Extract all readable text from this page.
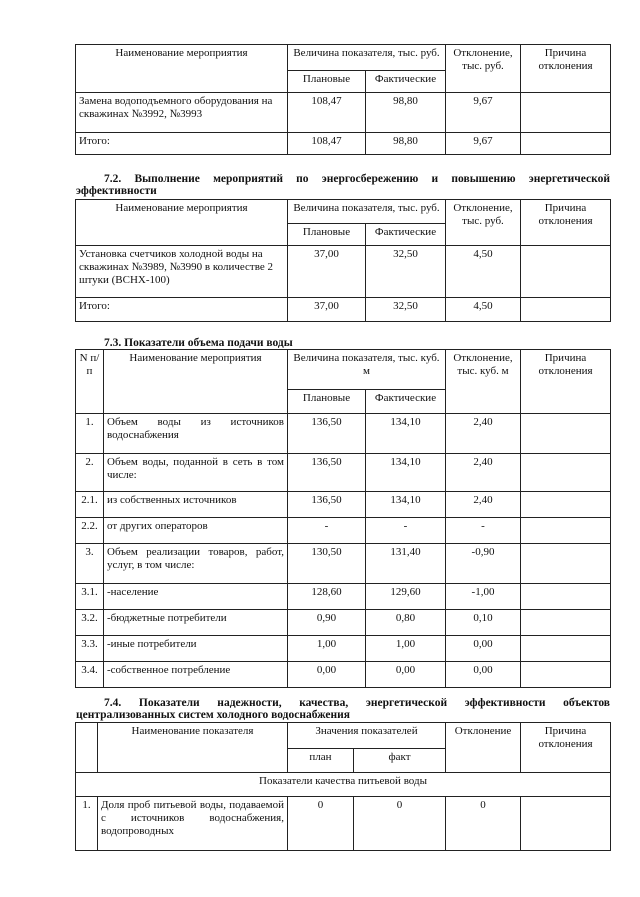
Наименование мероприятия	Величина показателя, тыс. руб.		Отклонение, тыс. руб.	Причина отклонения
	Плановые	Фактические		
Замена водоподъемного оборудования на скважинах №3992, №3993	108,47	98,80	9,67	
Итого:	108,47	98,80	9,67	

7.2. Выполнение мероприятий по энергосбережению и повышению энергетической эффективности

Наименование мероприятия	Величина показателя, тыс. руб.		Отклонение, тыс. руб.	Причина отклонения
	Плановые	Фактические		
Установка счетчиков холодной воды на скважинах №3989, №3990 в количестве 2 штуки (ВСНХ-100)	37,00	32,50	4,50	
Итого:	37,00	32,50	4,50	

7.3. Показатели объема подачи воды

N п/п	Наименование мероприятия	Величина показателя, тыс. куб. м		Отклонение, тыс. куб. м	Причина отклонения
		Плановые	Фактические		
1.	Объем воды из источников водоснабжения	136,50	134,10	2,40	
2.	Объем воды, поданной в сеть в том числе:	136,50	134,10	2,40	
2.1.	из собственных источников	136,50	134,10	2,40	
2.2.	от других операторов	-	-	-	
3.	Объем реализации товаров, работ, услуг, в том числе:	130,50	131,40	-0,90	
3.1.	-население	128,60	129,60	-1,00	
3.2.	-бюджетные потребители	0,90	0,80	0,10	
3.3.	-иные потребители	1,00	1,00	0,00	
3.4.	-собственное потребление	0,00	0,00	0,00	

7.4. Показатели надежности, качества, энергетической эффективности объектов централизованных систем холодного водоснабжения

	Наименование показателя	Значения показателей		Отклонение	Причина отклонения
		план	факт		
Показатели качества питьевой воды					
1.	Доля проб питьевой воды, подаваемой с источников водоснабжения, водопроводных	0	0	0	
